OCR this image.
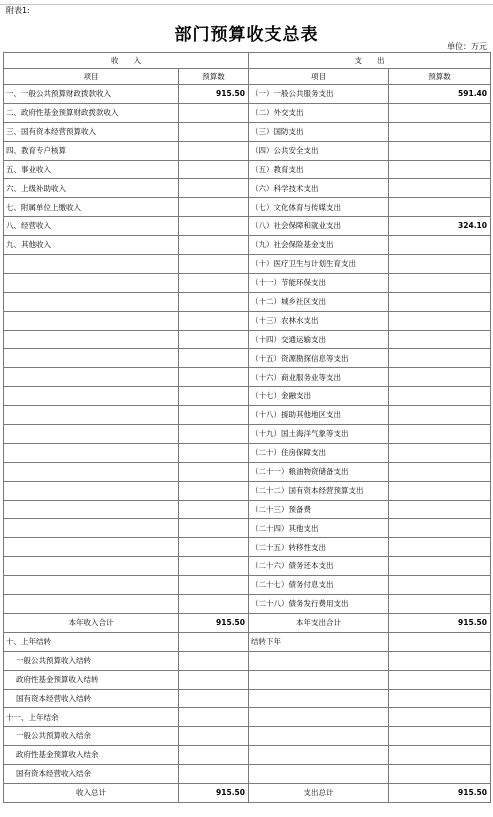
附表1:
部门预算收支总表
单位：万元
收　　入		支　　出	
项目	预算数	项目	预算数
一、一般公共预算财政拨款收入	915.50	（一）一般公共服务支出	591.40
二、政府性基金预算财政拨款收入		（二）外交支出	
三、国有资本经营预算收入		（三）国防支出	
四、教育专户核算		（四）公共安全支出	
五、事业收入		（五）教育支出	
六、上级补助收入		（六）科学技术支出	
七、附属单位上缴收入		（七）文化体育与传媒支出	
八、经营收入		（八）社会保障和就业支出	324.10
九、其他收入		（九）社会保险基金支出	
		（十）医疗卫生与计划生育支出	
		（十一）节能环保支出	
		（十二）城乡社区支出	
		（十三）农林水支出	
		（十四）交通运输支出	
		（十五）资源勘探信息等支出	
		（十六）商业服务业等支出	
		（十七）金融支出	
		（十八）援助其他地区支出	
		（十九）国土海洋气象等支出	
		（二十）住房保障支出	
		（二十一）粮油物资储备支出	
		（二十二）国有资本经营预算支出	
		（二十三）预备费	
		（二十四）其他支出	
		（二十五）转移性支出	
		（二十六）债务还本支出	
		（二十七）债务付息支出	
		（二十八）债务发行费用支出	
本年收入合计	915.50	本年支出合计	915.50
十、上年结转		结转下年	
一般公共预算收入结转			
政府性基金预算收入结转			
国有资本经营收入结转			
十一、上年结余			
一般公共预算收入结余			
政府性基金预算收入结余			
国有资本经营收入结余			
收入总计	915.50	支出总计	915.50
